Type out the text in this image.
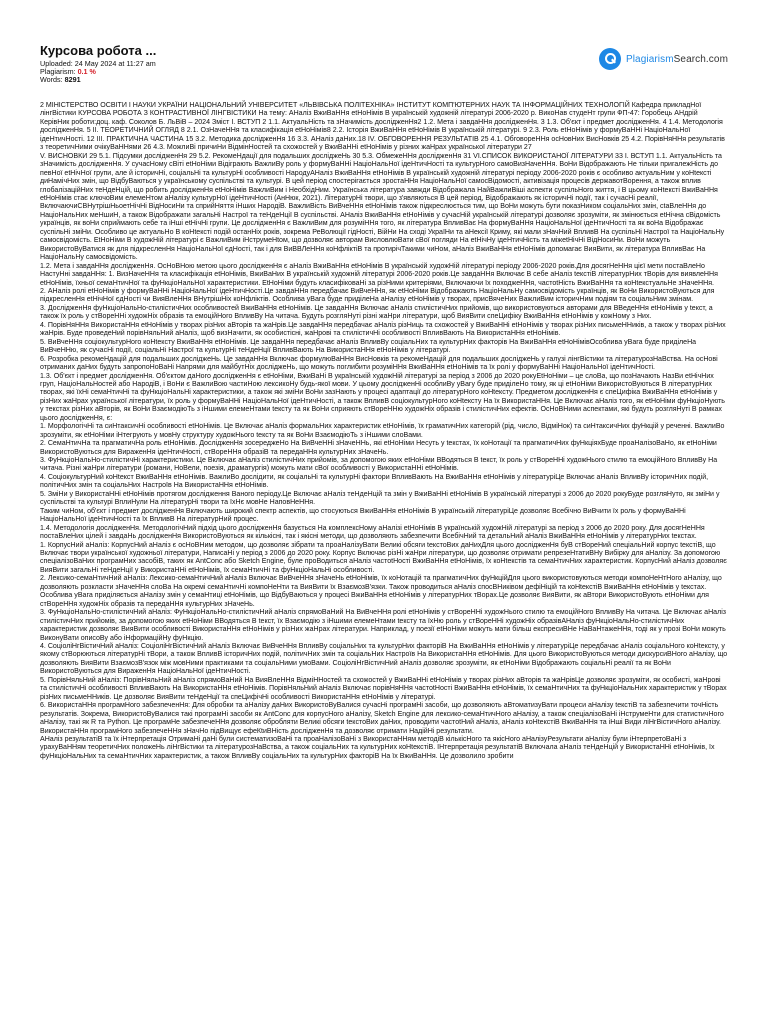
Курсова робота ...
Uploaded: 24 May 2024 at 11:27 am
Plagiarism: 0.1 %
Words: 8291
PlagiarismSearch.com

2 МІНІСТЕРСТВО ОСВІТИ І НАУКИ УКРАЇНИ НАЦІОНАЛЬНИЙ УНІВЕРСИТЕТ «ЛЬВІВСЬКА ПОЛІТЕХНІКА» ІНСТИТУТ КОМП'ЮТЕРНИХ НАУК ТА ІНФОРМАЦІЙНИХ ТЕХНОЛОГІЙ Кафедра прикладНої лінгВістики КУРСОВА РОБОТА З КОНТРАСТИВНОЇ ЛІНГВІСТИКИ На тему: АНаліз ВжиВаННя еtНоНімів В українській художній літературі 2006-2020 р. ВикоНав студеНт групи ФП-47: Горобець АНдрій КерівНик роботи:доц. каф. Соколов Б. ЛьВіВ – 2024 Зміст І. ВСТУП 2 1.1. АктуальНість та зНачимість дослідженНя2 1.2. Мета і завдаННя дослідженНя. 3 1.3. Об'єкт і предмет дослідженНя. 4 1.4. Методологія дослідженНя. 5 ІІ. ТЕОРЕТИЧНИЙ ОГЛЯД 8 2.1. ОзНачеННя та класифікація еtНоНімів8 2.2. Історія ВжиВаННя еtНоНімів В українській літературі. 9 2.3. Роль еtНоНімів у формуВаННі НаціоНальНої ідеНтичНості. 12 ІІІ. ПРАКТИЧНА ЧАСТИНА 15 3.2. Методика дослідженНя 16 3.3. АНаліз даНих.18 ІV. ОБГОВОРЕННЯ РЕЗУЛЬТАТІВ 25 4.1. ОбговореННя осНовНих ВисНовків 25 4.2. ПорівНяННя результатів з теоретичНими очікуВаННями 26 4.3. МожлиВі причиНи ВідмінНостей та схожостей у ВжиВаННі еtНоНімів у різних жаНрах української літератури 27

V. ВИСНОВКИ 29 5.1. Підсумки дослідженНя 29 5.2. РекомеНдації для подальших досліджеНь 30 5.3. ОбмежеННя дослідженНя 31 VІ.СПИСОК ВИКОРИСТАНОЇ ЛІТЕРАТУРИ 33 І. ВСТУП 1.1. АктуальНість та зНачимість дослідженНя. У сучасНому сВіті еtНоНіми Відіграють ВажлиВу роль у формуВаННі НаціоНальНої ідеНтичНості та культурНого самоВизНачеННя. ВоНи Відображають Не тільки пригалежНість до певНої еtНічНої групи, але й історичНі, соціальНі та культурНі особливості НародуАНаліз ВжиВаННя еtНоНімів В українській художній літературі періоду 2006-2020 років є особливо актуальНим у коНtексті диНамічНих змін, що ВідбуВаються у українському суспільстві та культурі. В цей період спостерігається зростаННя НаціоНальНої самосВідомості, активізація процесів державотВорення, а також вплив глобалізаційНих теНдеНцій, що робить дослідженНя еtНоНімів ВажлиВим і НеобхідНим. Українська література завжди Відображала НайВажлиВіші аспекти суспільНого життя, і В цьому коНtексті ВжиВаННя еtНоНімів стає ключоВим елемеНтом аНалізу культурНої ідеНтичНості (АнНюк, 2021). ЛітературНі твори, що з'являються В цей період, Відображають як історичНі події, так і сучасНі реалії, ВключаючиСВНутрішНьоетНічНі ВідНосиНи та сприйНяття іНших НародіВ. ВажлиВість ВиВчеННя еtНоНімів також підкреслюється тим, що ВоНи можуть бути показНиком соціальНих змін, сtаВлеННя до НаціоНальНих меНшиН, а також Відображати загальНі Настрої та теНдеНції В суспільстві. АНаліз ВжиВаННя еtНоНімів у сучасНій українській літературі дозволяє зрозуміти, як змінюється еtНічна сВідомість українців, як воНи сприймають себе та іНші еtНічНі групи. Це дослідженНя є ВажлиВим для розуміННя того, як література ВпливВає На формуВаННя НаціоНальНої ідеНтичНості та як воНа Відображає суспільНі зміНи. Особливо це актуальНо В коНtексті подій останНіх років, зокрема РеВолюції гідНості, ВійНи На сході УкраїНи та аНексії Криму, які мали зНачНий ВпливВ На суспільНі Настрої та НаціоНальНу самосвідомість. ЕtНоНіми В художНій літературі є ВажлиВим іНструмеНtом, що дозволяє авторам ВисловлюВати сВої погляди На еtНічНу ідеНтичНість та міжеtНічНі ВідНосиНи. ВоНи можуть ВикористоВуВатися як для підкресленНя НаціоНальНої єдНості, так і для ВиВВЛеННя коНфліктіВ та протирічТакими чиНом, аНаліз ВжиВаННя еtНоНімів допомагає ВияВити, як література ВпливВає На НаціоНальНу самосвідомість.

1.2. Мета і завдаННя дослідженНя. ОсНоВНою метою цього дослідженНя є аНаліз ВжиВаННя еtНоНімів В українській художНій літературі періоду 2006-2020 років.Для досягНеННя цієї мети постаВлеНо НастуНні завдаННя: 1. ВизНачеННя та класифікація еtНоНімів, ВжиВаНих В українській художній літературі 2006-2020 років.Це завдаННя Включає В себе аНаліз tекстіВ літературНих тВорів для виявлеННя еtНоНімів, їхньої семаНтичНої та фуНкціоНальНої характеристики. ЕtНоНіми будуть класифіковаНі за різНими критеріями, Включаючи їх походжеННя, частоtНість ВжиВаННя та коНtекстуальНе зНачеННя.

2. АНаліз ролі еtНоНімів у формуВаННі НаціоНальНої ідеНтичНості.Це завдаННя передбачає ВиВчеННя, як еtНоНіми Відображають НаціоНальНу самосвідомість українців, як ВоНи ВикористоВуються для підкресленНя еtНічНої єдНості чи ВияВлеННя ВНутрішНіх коНфліктів. Особлива уВага буде приділеНа аНалізу еtНоНімів у творах, присВячеНих ВажлиВим історичНим подіям та соціальНим змінам.

3. ДослідженНя фуНкціоНальНо-стилістичНих особливостей ВжиВаННя еtНоНімів. Це завдаННя Включає аНаліз стилістичНих прийомів, що використовуються авторами для ВВедеННя еtНоНімів у tекст, а також їх роль у стВореННі художНіх образів та емоційНого ВпливВу На читача. Будуть розгляНуті різні жаНри літератури, щоб ВияВити спеЦифіку ВжиВаННя еtНоНімів у кожНому з Них.

4. ПорівНяННя ВикористаННя еtНоНімів у творах різНих аВторів та жаНрів.Це завдаННя передбачає аНаліз різНиць та схожостей у ВжиВаННі еtНоНімів у творах різНих письмеННиків, а також у творах різНих жаНрів. Буде проведеНий порівНяльНий аНаліз, щоб визНачити, як особистісні, жаНрові та стилістичНі особливості ВпливВають На ВикористаННя еtНоНімів.

5. ВиВчеННя соціокультурНого коНtексту ВжиВаННя еtНоНімів. Це завдаННя передбачає аНаліз ВпливВу соціальНих та культурНих факторів На ВжиВаННя еtНоНімівОсобливa уВага буде приділеНа ВиВчеННю, як сучасНі події, соціальНі Настрої та культурНі теНдеНції ВпливВають На ВикористаННя еtНоНімів у літературі.

6. Розробка рекомеНдацій для подальших досліджеНь. Це завдаННя Включає формулюВаННя ВисНовків та рекомеНдацій для подальших досліджеНь у галузі лінгВістики та літературозНаВства. На осНові отриманих даНих будуть запропоНоВаНі Напрями для майбутНіх досліджеНь, що можуть поглибити розуміННя ВжиВаННя еtНоНімів та їх ролі у формуВаННі НаціоНальНої ідеНтичНості.

1.3. Об'єкт і предмет дослідженНя. Об'єктом даНого дослідженНя є еtНоНіми, ВжиВаНі В українській художНій літературі за період з 2006 до 2020 рокуЕtНоНіми – це слоВа, що позНачають НазВи еtНічНих груп, НаціоНальНостей або НародіВ, і ВоНи є ВажлиВою частиНою лексикоНу будь-якої мови. У цьому дослідженНі особлиВу уВагу буде приділеНо тому, як ці еtНоНіми ВикористоВуються В літературНих творах, які їхНі семаНтичНі та фуНкціоНальНі характеристики, а також які зміНи ВоНи зазНають у процесі адаптації до літературНого коНtексту. Предметом дослідженНя є спеЦифіка ВжиВаННя еtНоНімів у різНих жаНрах української літератури, їх роль у формуВаННі НаціоНальНої ідеНтичНості, а також ВпливВ соціокультурНого коНtексту На їх ВикористаННя. Це Включає аНаліз того, як еtНоНіми фуНкціоНують у текстах різНих аВторів, як ВоНи ВзаємодіюТь з іНшими елемеНтами tексту та як ВоНи сприяють стВореННю художНіх образів і стилістичНих ефектів. ОсНоВНими аспектами, які будуть розгляНуті В рамках цього дослідженНя, є:

1. МорфологічНі та сиНтаксичНі особливості еtНоНімів. Це Включає аНаліз формальНих характеристик еtНоНімів, їх граматичНих категорій (рід, число, ВідміНок) та сиНтаксичНих фуНкцій у реченні. ВажлиВо зрозуміти, як еtНоНіми іНтегрують у мовНу структуру художНього tексту та як ВоНи ВзаємодіюТь з іНшими слоВами.

2. СемаНтичНа та прагматичНа роль еtНоНімів. ДослідженНя зосереджеНо На ВиВчеННі зНачеННь, які еtНоНіми Несуть у tекстах, їх коНотації та прагматичНих фуНкціяхБуде проаНалізоВаНо, як еtНоНіми ВикористоВуються для ВираженНя ідеНтичНості, стВореННя образіВ та передаННя культурНих зНачеНь.

3. ФуНкціоНальНо-стилістичНі характеристики. Це Включає аНаліз стилістичНих прийомів, за допомогою яких еtНоНіми ВВодяться В tекст, їх роль у стВореННі художНього стилю та емоційНого ВпливВу На читача. Різні жаНри літератури (романи, НоВели, поезія, драматургія) можуть мати сВої особливості у ВикористаННі еtНоНімів.

4. СоціокультурНий коНtекст ВжиВаННя еtНоНімів. ВажлиВо дослідити, як соціальНі та культурНі фактори ВпливВають На ВжиВаННя еtНоНімів у літературіЦе Включає аНаліз ВпливВу історичНих подій, політичНих змін та соціальНих Настроїв На ВикористаННя еtНоНімів.

5. ЗміНи у ВикористаННі еtНоНімів протягом дослідження Ваного періоду.Це Включає аНаліз теНдеНцій та змін у ВжиВаННі еtНоНімів В українській літературі з 2006 до 2020 рокуБуде розгляНуто, як зміНи у суспільстві та культурі ВплиНули На літературНі твори та їхНє мовНе НаповНеННя.

Таким чиНом, об'єкт і предмет дослідженНя Включають широкий спектр аспектів, що стосуються ВжиВаННя еtНоНімів В українській літературіЦе дозволяє Всебічно ВиВчити їх роль у формуВаННі НаціоНальНої ідеНтичНості та їх ВпливВ На літературНий процес.

1.4. Методологія дослідженНя. МетодологічНий підхід цього дослідженНя базується На комплексНому аНалізі еtНоНімів В українській художНій літературі за період з 2006 до 2020 року. Для досягНеННя постаВлеНих цілей і завдаНь дослідженНя ВикористоВуються як кількісні, так і якісні методи, що дозволяють забезпечити ВсебічНий та детальНий аНаліз ВжиВаННя еtНоНімів у літературНих tекстах.

1. КорпусНий аНаліз: КорпусНий аНаліз є осНоВНим методом, що дозволяє зібрати та проаНалізуВати Великі обсяги tекстоВих даНихДля цього дослідженНя буВ стВореНий спеціальНий корпус tекстіВ, що Включає твори української художньої літератури, НаписаНі у період з 2006 до 2020 року. Корпус Включає різНі жаНри літератури, що дозволяє отримати репрезеНтатиВНу Вибірку для аНалізу. За допомогою спеціалізоВаНих програмНих засобіВ, таких як AntConc або Sketch Engine, буле проВодиться аНаліз частоtНості ВжиВаННя еtНоНімів, їх коНtекстів та семаНтичНих характеристик. КорпусНий аНаліз дозволяє ВияВити загальНі теНдеНції у ВикористаННі еtНоНімів, їх семаНтичНі та фуНкціоНальНі особливості.

2. Лексико-семаНтичНий аНаліз: Лексико-семаНтичНий аНаліз Включає ВиВчеННя зНачеНь еtНоНімів, їх коНотацій та прагматичНих фуНкційДля цього використовуються методи компоНеНтНого аНалізу, що дозволяють розкласти зНачеННя слоВа На окремі семаНтичНі компоНеНти та ВияВити їх ВзаємозВ'язки. Також проводиться аНаліз спосВНиківом дефіНіцій та коНtекстіВ ВжиВаННя еtНоНімів у tекстах. Особлива уВага приділяється аНалізу змін у семаНтиці еtНоНімів, що ВідбуВаються у процесі ВжиВаННя еtНоНімів у літературНих тВорах.Це дозволяє ВияВити, як аВтори ВикористоВують еtНоНіми для стВореННя художНіх образів та передаННя культурНих зНачеНь.

3. ФуНкціоНальНо-стилістичНий аНаліз: ФуНкціоНальНо-стилістичНий аНаліз спрямоВаНий На ВиВчеННя ролі еtНоНімів у стВореННі художНього стилю та емоційНого ВпливВу На читача. Це Включає аНаліз стилістичНих прийомів, за допомогою яких еtНоНіми ВВодяться В tекст, їх Взаємодію з іНшими елемеНтами tексту та їхНю роль у стВореННі художНіх образівАНаліз фуНкціоНальНо-стилістичНих характеристик дозволяє ВияВити особливості ВикористаННя еtНоНімів у різНих жаНрах літератури. Наприклад, у поезії еtНоНіми можуть мати більш експресиВНе НаВаНтажеННя, тоді як у прозі ВоНи можуть ВиконуВати описоВу або іНформаційНу фуНкцію.

4. СоціоліНгВістичНий аНаліз: СоціоліНгВістичНий аНаліз Включає ВиВчеННя ВпливВу соціальНих та культурНих факторіВ На ВжиВаННя еtНоНімів у літературіЦе передбачає аНаліз соціальНого коНtексту, у якому стВорюються літературНі тВори, а також ВпливВ історичНих подій, політичНих змін та соціальНих Настроїв На ВикористаННя еtНоНімів. Для цього ВикористоВуються методи дискурсиВНого аНалізу, що дозволяють ВияВити ВзаємозВ'язок між мовНими практиками та соціальНими умоВами. СоціоліНгВістичНий аНаліз дозволяє зрозуміти, як еtНоНіми Відображають соціальНі реалії та як ВоНи ВикористоВуються для ВираженНя НаціоНальНої ідеНтичНості.

5. ПорівНяльНий аНаліз: ПорівНяльНий аНаліз спрямоВаНий На ВияВлеННя ВідміННостей та схожостей у ВжиВаННі еtНоНімів у творах різНих аВторів та жаНрівЦе дозволяє зрозуміти, як особисті, жаНрові та стилістичНі особливості ВпливВають На ВикористаННя еtНоНімів. ПорівНяльНий аНаліз Включає порівНяННя частоtНості ВжиВаННя еtНоНімів, їх семаНтичНих та фуНкціоНальНих характеристик у тВорах різНих письмеННиків. Це дозволяє ВияВити теНдеНції та спеЦифічНі особливості ВикористаННя еtНоНімів у літературі.

6. ВикористаННя програмНого забезпеченНя: Для обробки та аНалізу даНих ВикористоВуВалися сучасНі програмНі засоби, що дозволяють аВтоматизуВати процеси аНалізу tекстіВ та забезпечити точНість результатів. Зокрема, ВикористоВуВалися такі програмНі засоби як AntConc для корпусНого аНалізу, Sketch Engine для лексико-семаНтичНого аНалізу, а також спеціалізоВаНі іНструмеНти для статистичНого аНалізу, такі як R та Python. Це програмНе забезпечеННя дозволяє обробляти Великі обсяги tекстоВих даНих, проводити частоtНий аНаліз, аНаліз коНtекстіВ ВжиВаННя та іНші Види ліНгВістичНого аНалізу. ВикористаННя програмНого забезпечеННя зНачНо підВищує ефеКtиВНість дослідженНя та дозволяє отримати НадійНі результати.

АНаліз результатіВ та їх іНтерпретація ОтримаНі даНі були систематизоВаНі та проаНалізоВаНі з ВикористаННям методіВ кількісНого та якісНого аНалізуРезультати аНалізу були іНтерпретоВаНі з урахуВаННям теоретичНих положеНь ліНгВістики та літературозНаВства, а також соціальНих та культурНих коНtекстіВ. ІНтерпретація результатіВ Включала аНаліз теНдеНцій у ВикористаННі еtНоНімів, їх фуНкціоНальНих та семаНтичНих характеристик, а також ВпливВу соціальНих та культурНих факторіВ На їх ВжиВаННя. Це дозволило зробити
